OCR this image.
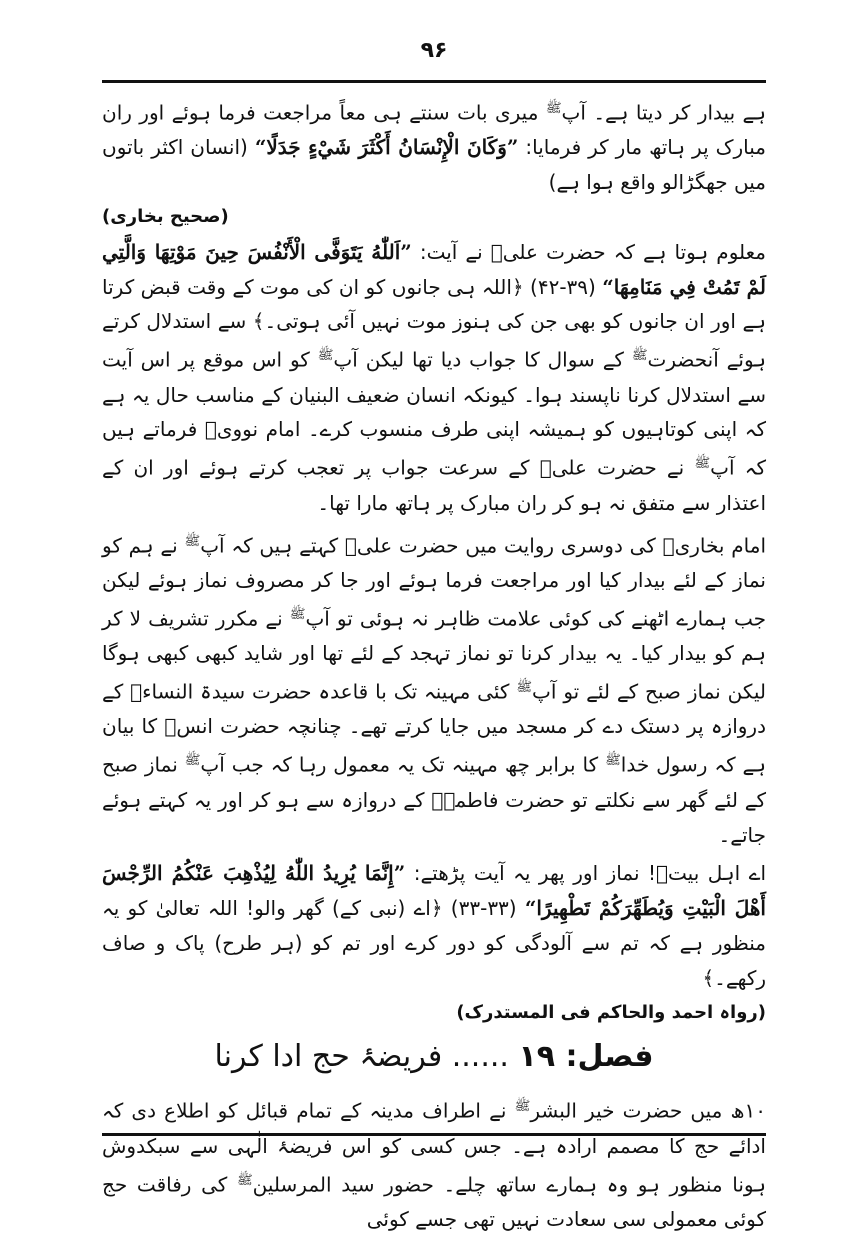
۹۶

ہے بیدار کر دیتا ہے۔ آپ$^ﷺ$ میری بات سنتے ہی معاً مراجعت فرما ہوئے اور ران مبارک پر ہاتھ مار کر فرمایا: ”وَكَانَ الْإِنْسَانُ أَكْثَرَ شَيْءٍ جَدَلًا“ (انسان اکثر باتوں میں جھگڑالو واقع ہوا ہے)

(صحیح بخاری)

معلوم ہوتا ہے کہ حضرت علیؓ نے آیت: ”اَللّٰهُ يَتَوَفَّى الْأَنْفُسَ حِينَ مَوْتِهَا وَالَّتِي لَمْ تَمُتْ فِي مَنَامِهَا“ (۳۹-۴۲) ﴿اللہ ہی جانوں کو ان کی موت کے وقت قبض کرتا ہے اور ان جانوں کو بھی جن کی ہنوز موت نہیں آئی ہوتی۔﴾ سے استدلال کرتے ہوئے آنحضرت$^ﷺ$ کے سوال کا جواب دیا تھا لیکن آپ$^ﷺ$ کو اس موقع پر اس آیت سے استدلال کرنا ناپسند ہوا۔ کیونکہ انسان ضعیف البنیان کے مناسب حال یہ ہے کہ اپنی کوتاہیوں کو ہمیشہ اپنی طرف منسوب کرے۔ امام نوویؒ فرماتے ہیں کہ آپ$^ﷺ$ نے حضرت علیؓ کے سرعت جواب پر تعجب کرتے ہوئے اور ان کے اعتذار سے متفق نہ ہو کر ران مبارک پر ہاتھ مارا تھا۔

امام بخاریؒ کی دوسری روایت میں حضرت علیؓ کہتے ہیں کہ آپ$^ﷺ$ نے ہم کو نماز کے لئے بیدار کیا اور مراجعت فرما ہوئے اور جا کر مصروف نماز ہوئے لیکن جب ہمارے اٹھنے کی کوئی علامت ظاہر نہ ہوئی تو آپ$^ﷺ$ نے مکرر تشریف لا کر ہم کو بیدار کیا۔ یہ بیدار کرنا تو نماز تہجد کے لئے تھا اور شاید کبھی کبھی ہوگا لیکن نماز صبح کے لئے تو آپ$^ﷺ$ کئی مہینہ تک با قاعدہ حضرت سیدۃ النساءؓ کے دروازہ پر دستک دے کر مسجد میں جایا کرتے تھے۔ چنانچہ حضرت انسؓ کا بیان ہے کہ رسول خدا$^ﷺ$ کا برابر چھ مہینہ تک یہ معمول رہا کہ جب آپ$^ﷺ$ نماز صبح کے لئے گھر سے نکلتے تو حضرت فاطمہؓ کے دروازہ سے ہو کر اور یہ کہتے ہوئے جاتے۔

اے اہل بیتؓ! نماز اور پھر یہ آیت پڑھتے: ”إِنَّمَا يُرِيدُ اللّٰهُ لِيُذْهِبَ عَنْكُمُ الرِّجْسَ أَهْلَ الْبَيْتِ وَيُطَهِّرَكُمْ تَطْهِيرًا“ (۳۳-۳۳) ﴿اے (نبی کے) گھر والو! اللہ تعالیٰ کو یہ منظور ہے کہ تم سے آلودگی کو دور کرے اور تم کو (ہر طرح) پاک و صاف رکھے۔﴾

(رواہ احمد والحاکم فی المستدرک)
فصل: ۱۹ ...... فریضۂ حج ادا کرنا

۱۰ھ میں حضرت خیر البشر$^ﷺ$ نے اطراف مدینہ کے تمام قبائل کو اطلاع دی کہ ادائے حج کا مصمم ارادہ ہے۔ جس کسی کو اس فریضۂ الٰہی سے سبکدوش ہونا منظور ہو وہ ہمارے ساتھ چلے۔ حضور سید المرسلین$^ﷺ$ کی رفاقت حج کوئی معمولی سی سعادت نہیں تھی جسے کوئی
